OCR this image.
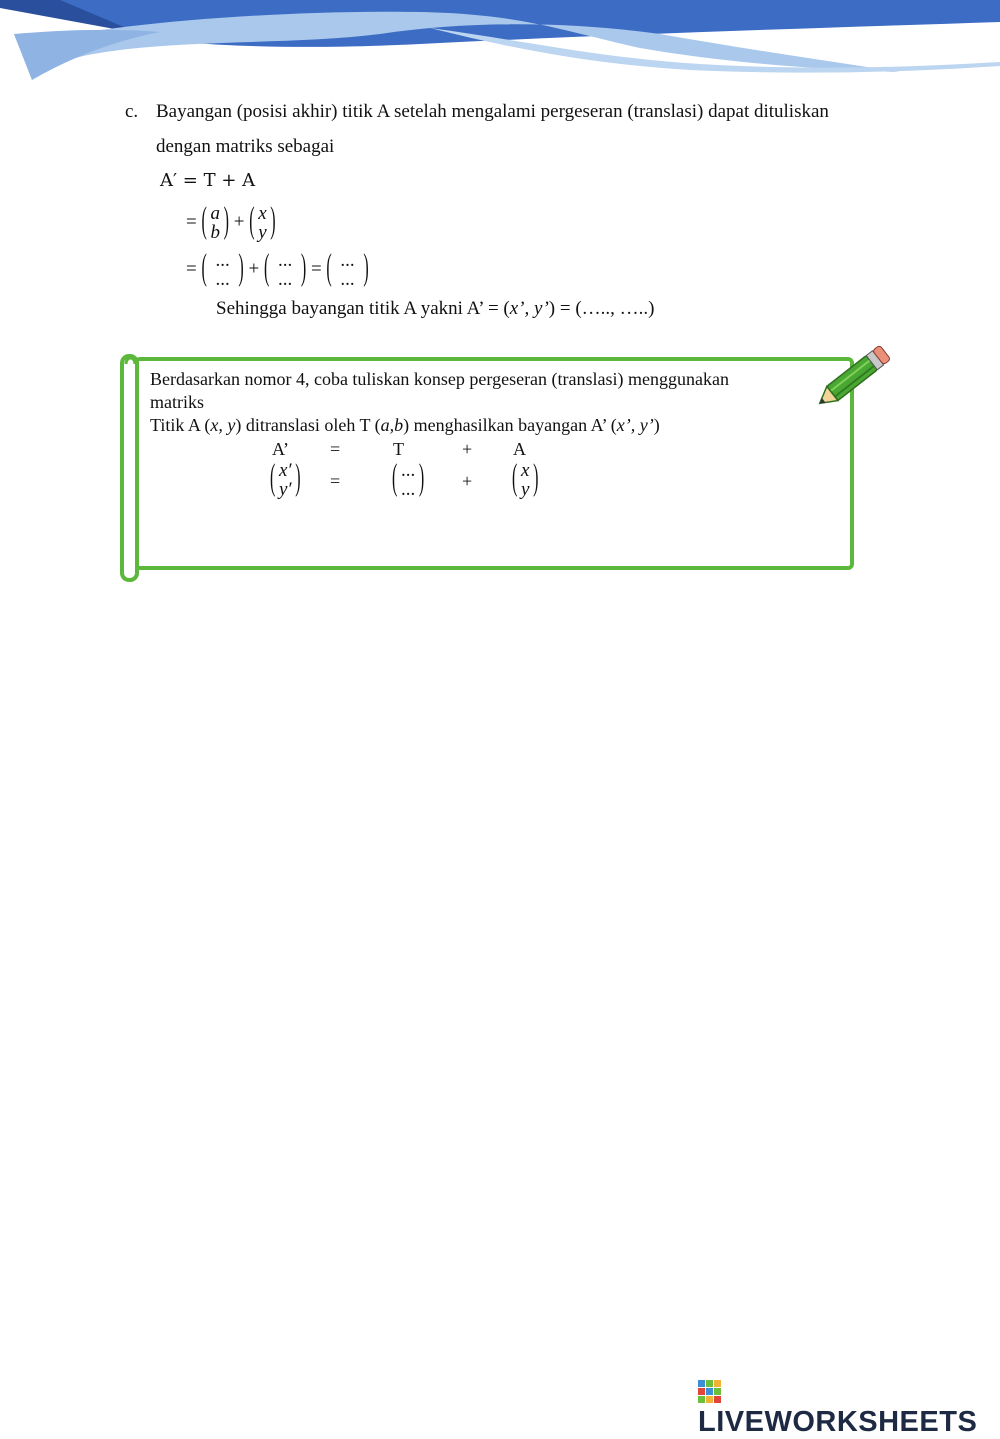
c. Bayangan (posisi akhir) titik A setelah mengalami pergeseran (translasi) dapat dituliskan
dengan matriks sebagai
A′ = T + A
= ( a
b
) + ( x
y
)
= ( ...
...
) + ( ...
...
) = ( ...
...
)
Sehingga bayangan titik A yakni A’ = (x’, y’) = (….., …..)
Berdasarkan nomor 4, coba tuliskan konsep pergeseran (translasi) menggunakan
matriks
Titik A (x, y) ditranslasi oleh T (a,b) menghasilkan bayangan A’ (x’, y’)
A’ =	T	+ A
( x′
y′
) =	( ...
...
)	+	( x
y
)
LIVEWORKSHEETS
